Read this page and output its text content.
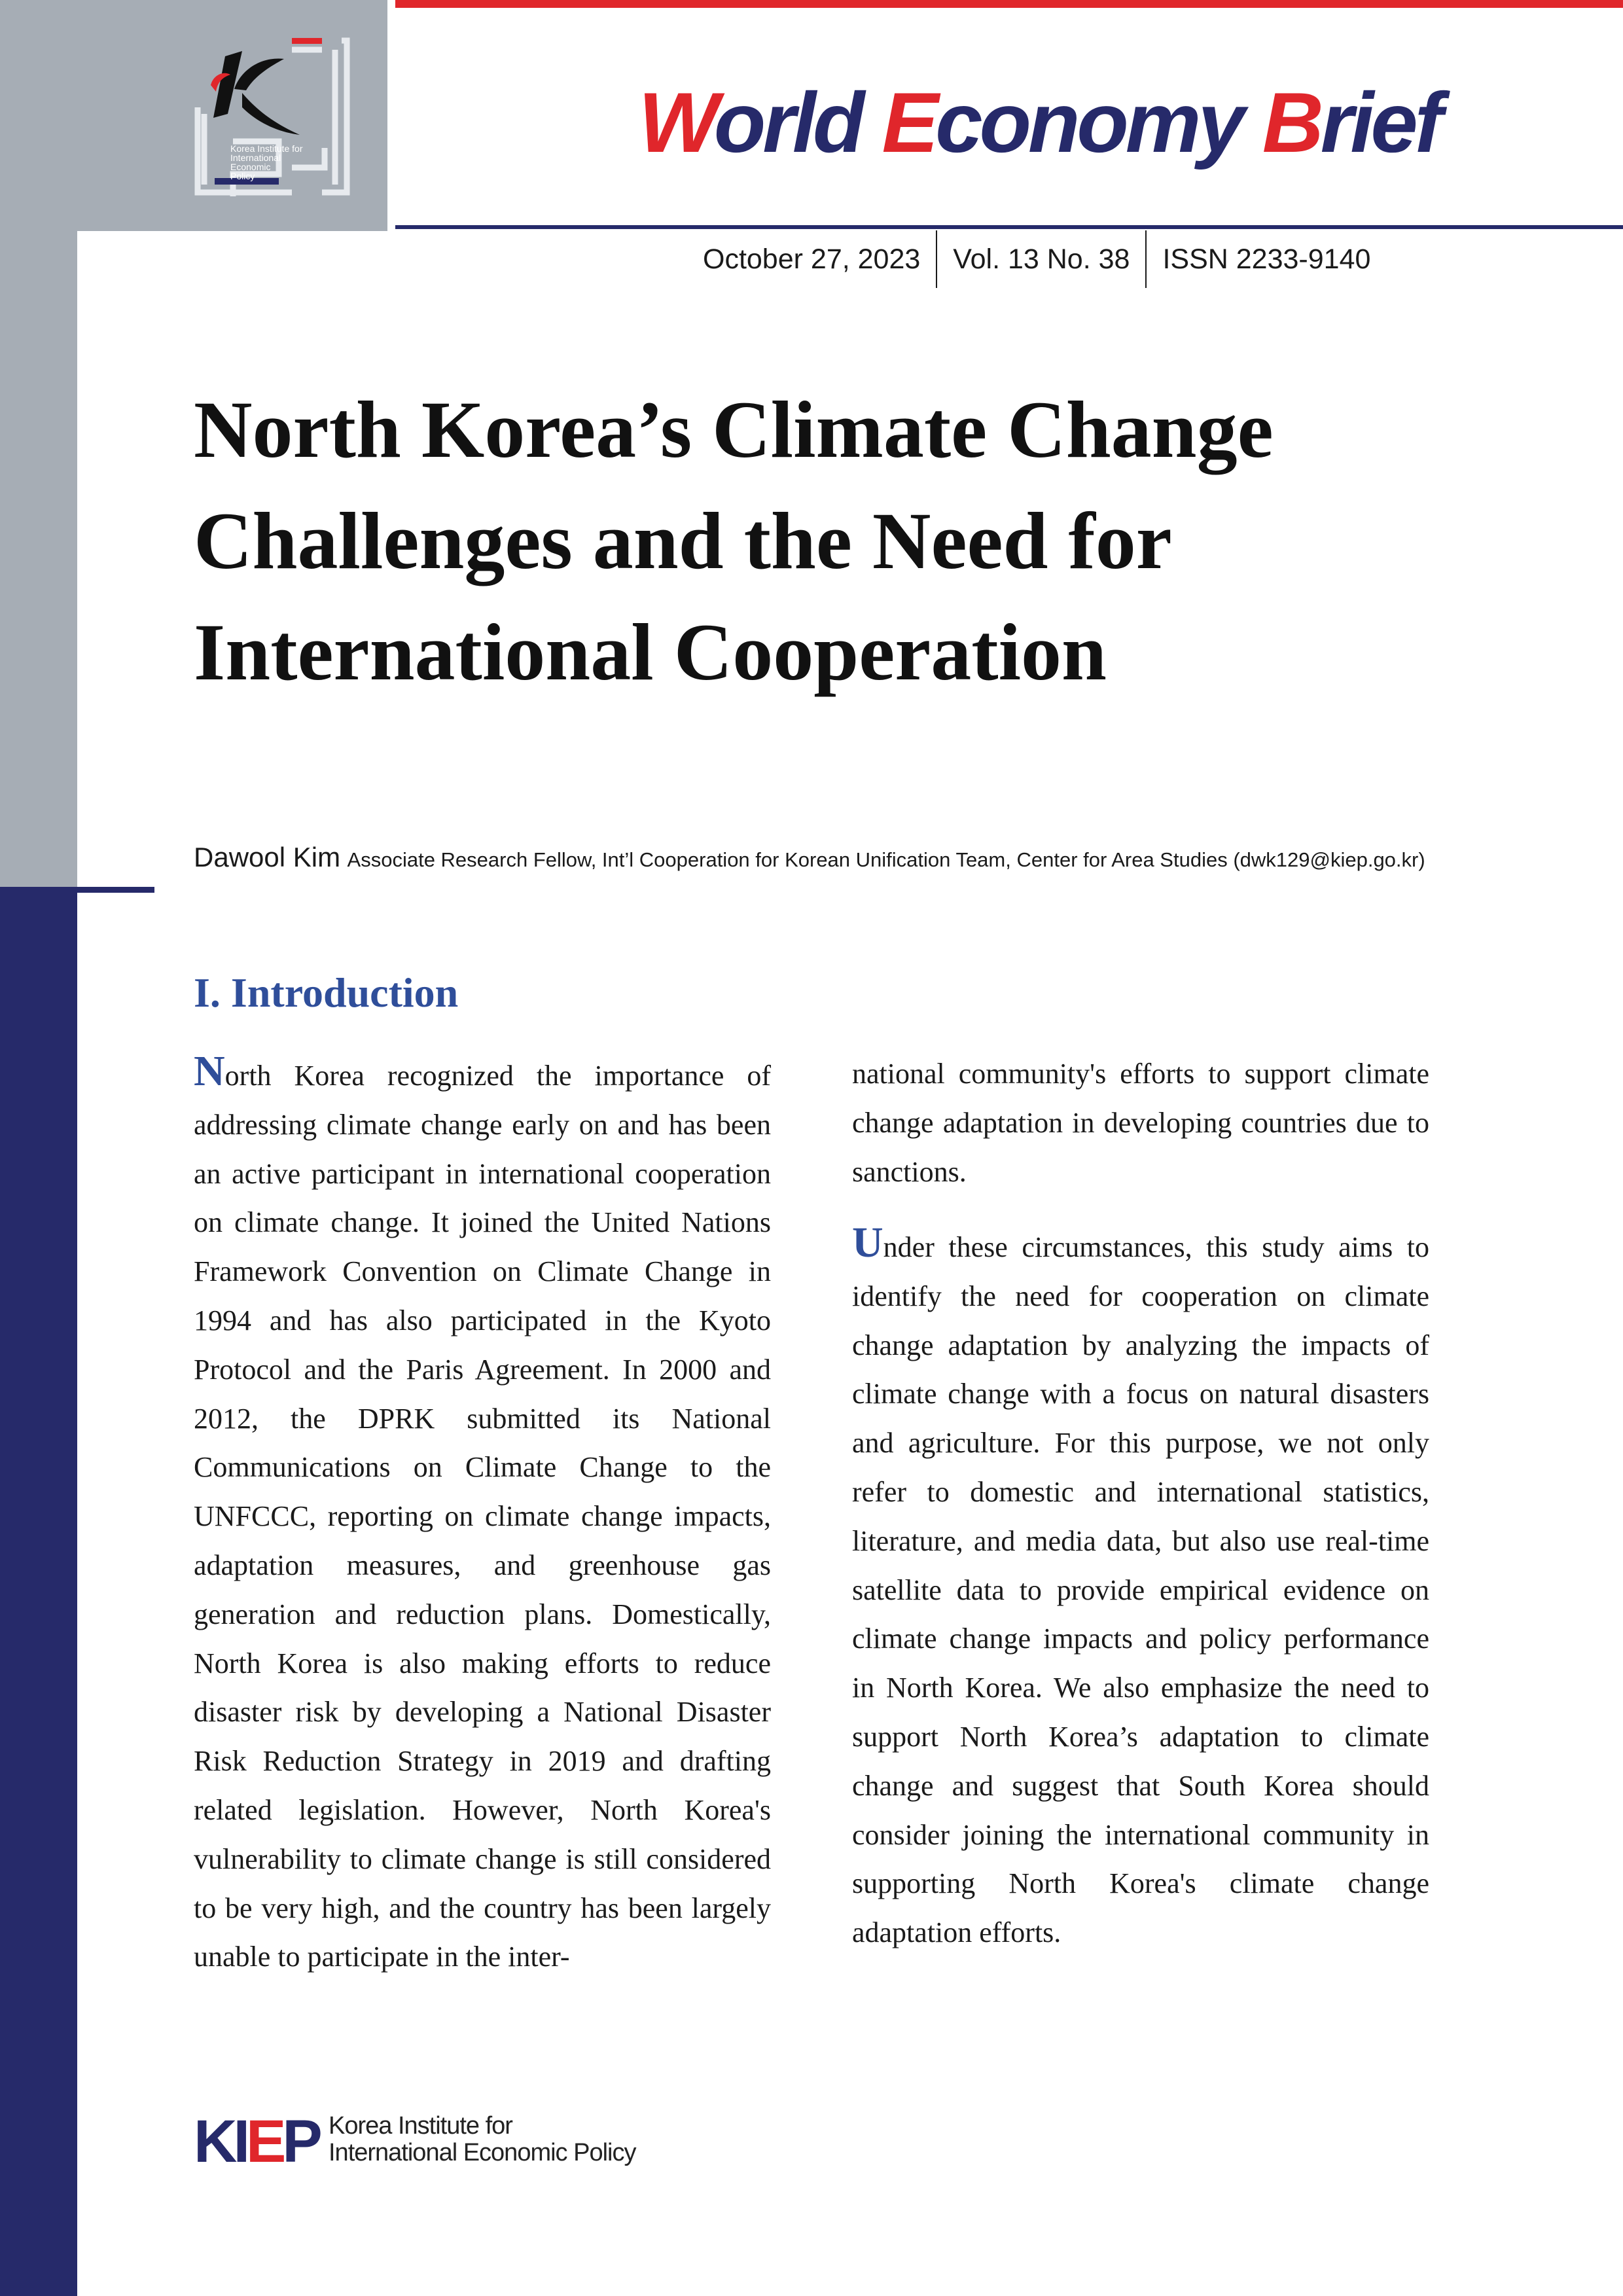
Korea Institute for
International
Economic
Policy
World Economy Brief
October 27, 2023	Vol. 13 No. 38	ISSN 2233-9140
North Korea’s Climate Change Challenges and the Need for International Cooperation
Dawool Kim Associate Research Fellow, Int’l Cooperation for Korean Unification Team, Center for Area Studies (dwk129@kiep.go.kr)
I. Introduction

North Korea recognized the importance of addressing climate change early on and has been an active participant in international cooperation on climate change. It joined the United Nations Framework Convention on Climate Change in 1994 and has also participated in the Kyoto Protocol and the Paris Agreement. In 2000 and 2012, the DPRK submitted its National Communications on Climate Change to the UNFCCC, reporting on climate change impacts, adaptation measures, and greenhouse gas generation and reduction plans. Domestically, North Korea is also making efforts to reduce disaster risk by developing a National Disaster Risk Reduction Strategy in 2019 and drafting related legislation. However, North Korea's vulnerability to climate change is still considered to be very high, and the country has been largely unable to participate in the inter-

national community's efforts to support climate change adaptation in developing countries due to sanctions.

Under these circumstances, this study aims to identify the need for cooperation on climate change adaptation by analyzing the impacts of climate change with a focus on natural disasters and agriculture. For this purpose, we not only refer to domestic and international statistics, literature, and media data, but also use real-time satellite data to provide empirical evidence on climate change impacts and policy performance in North Korea. We also emphasize the need to support North Korea’s adaptation to climate change and suggest that South Korea should consider joining the international community in supporting North Korea's climate change adaptation efforts.

KIEP Korea Institute for
International Economic Policy
